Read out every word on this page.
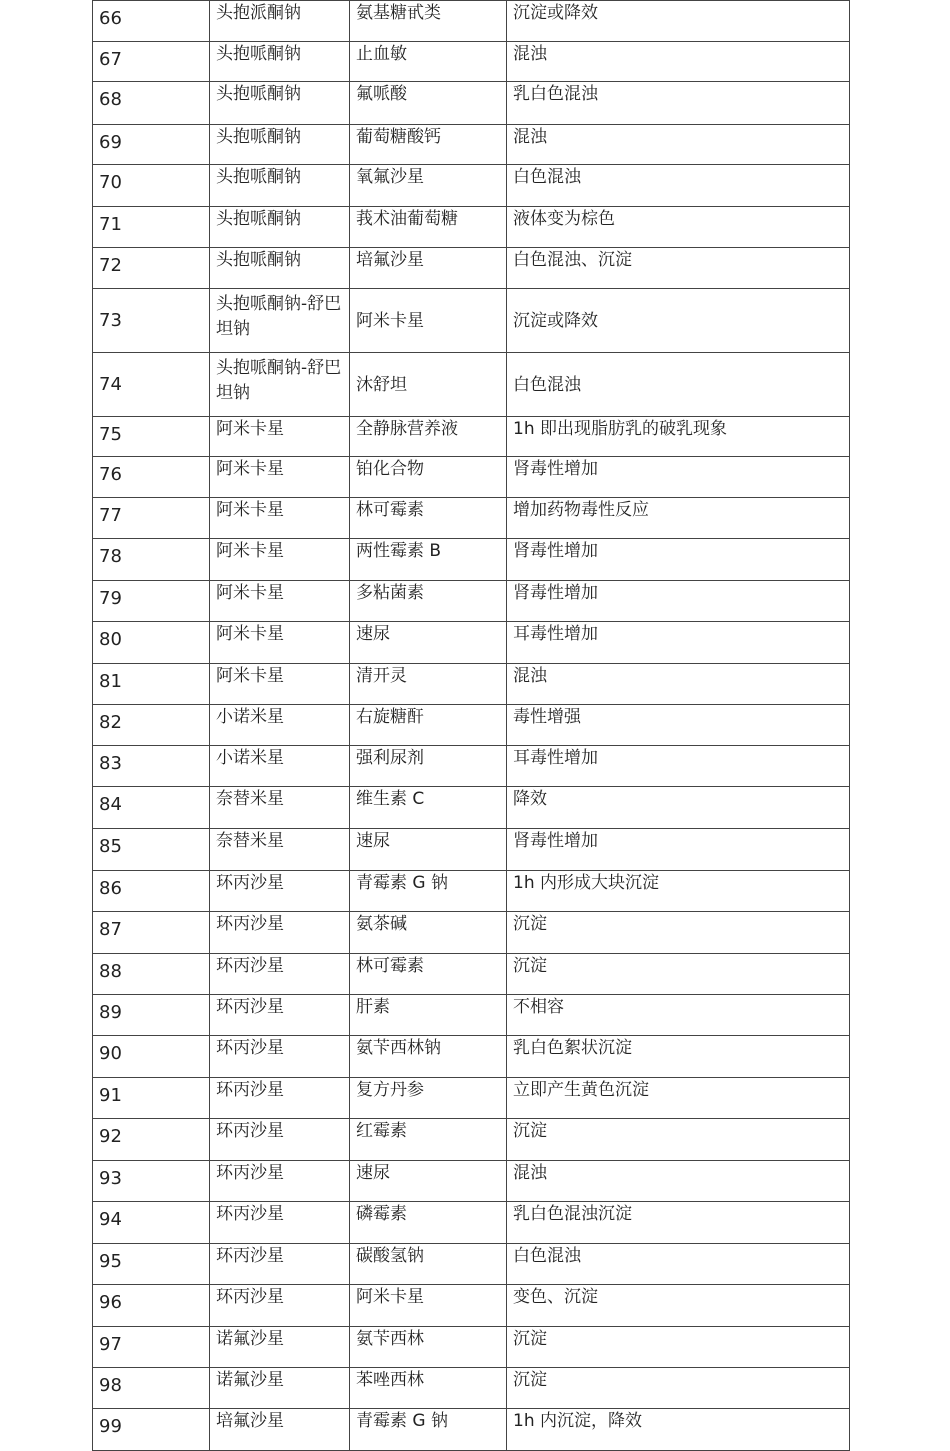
66	头抱派酮钠	氨基糖甙类	沉淀或降效
67	头抱哌酮钠	止血敏	混浊
68	头抱哌酮钠	氟哌酸	乳白色混浊
69	头抱哌酮钠	葡萄糖酸钙	混浊
70	头抱哌酮钠	氧氟沙星	白色混浊
71	头抱哌酮钠	莪术油葡萄糖	液体变为棕色
72	头抱哌酮钠	培氟沙星	白色混浊、沉淀
73	头抱哌酮钠-舒巴坦钠	阿米卡星	沉淀或降效
74	头抱哌酮钠-舒巴坦钠	沐舒坦	白色混浊
75	阿米卡星	全静脉营养液	1h 即出现脂肪乳的破乳现象
76	阿米卡星	铂化合物	肾毒性增加
77	阿米卡星	林可霉素	增加药物毒性反应
78	阿米卡星	两性霉素 B	肾毒性增加
79	阿米卡星	多粘菌素	肾毒性增加
80	阿米卡星	速尿	耳毒性增加
81	阿米卡星	清开灵	混浊
82	小诺米星	右旋糖酐	毒性增强
83	小诺米星	强利尿剂	耳毒性增加
84	奈替米星	维生素 C	降效
85	奈替米星	速尿	肾毒性增加
86	环丙沙星	青霉素 G 钠	1h 内形成大块沉淀
87	环丙沙星	氨茶碱	沉淀
88	环丙沙星	林可霉素	沉淀
89	环丙沙星	肝素	不相容
90	环丙沙星	氨苄西林钠	乳白色絮状沉淀
91	环丙沙星	复方丹参	立即产生黄色沉淀
92	环丙沙星	红霉素	沉淀
93	环丙沙星	速尿	混浊
94	环丙沙星	磷霉素	乳白色混浊沉淀
95	环丙沙星	碳酸氢钠	白色混浊
96	环丙沙星	阿米卡星	变色、沉淀
97	诺氟沙星	氨苄西林	沉淀
98	诺氟沙星	苯唑西林	沉淀
99	培氟沙星	青霉素 G 钠	1h 内沉淀，降效
